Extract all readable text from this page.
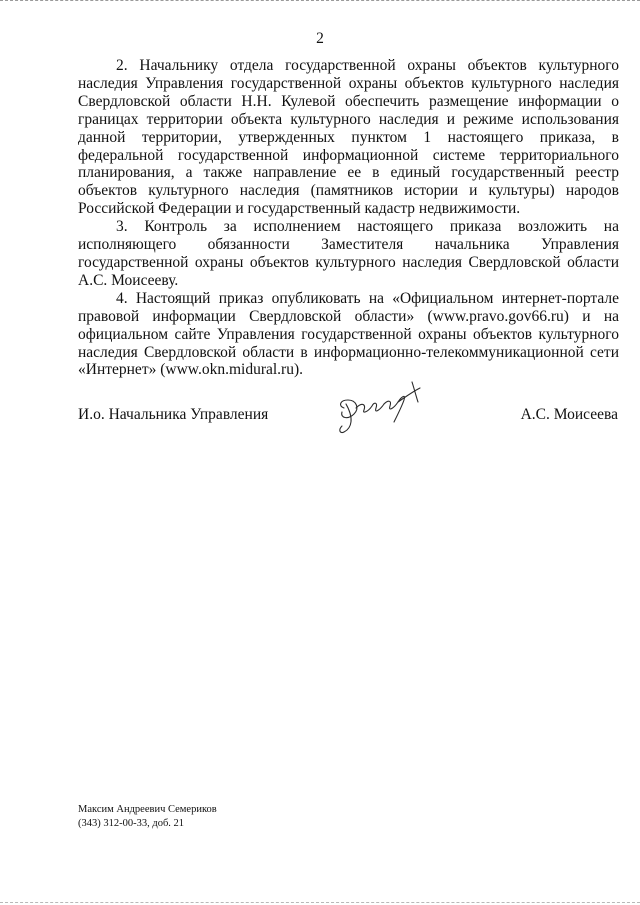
2

2. Начальнику отдела государственной охраны объектов культурного наследия Управления государственной охраны объектов культурного наследия Свердловской области Н.Н. Кулевой обеспечить размещение информации о границах территории объекта культурного наследия и режиме использования данной территории, утвержденных пунктом 1 настоящего приказа, в федеральной государственной информационной системе территориального планирования, а также направление ее в единый государственный реестр объектов культурного наследия (памятников истории и культуры) народов Российской Федерации и государственный кадастр недвижимости.

3. Контроль за исполнением настоящего приказа возложить на исполняющего обязанности Заместителя начальника Управления государственной охраны объектов культурного наследия Свердловской области А.С. Моисееву.

4. Настоящий приказ опубликовать на «Официальном интернет-портале правовой информации Свердловской области» (www.pravo.gov66.ru) и на официальном сайте Управления государственной охраны объектов культурного наследия Свердловской области в информационно-телекоммуникационной сети «Интернет» (www.okn.midural.ru).

И.о. Начальника Управления	А.С. Моисеева
Максим Андреевич Семериков
(343) 312-00-33, доб. 21
